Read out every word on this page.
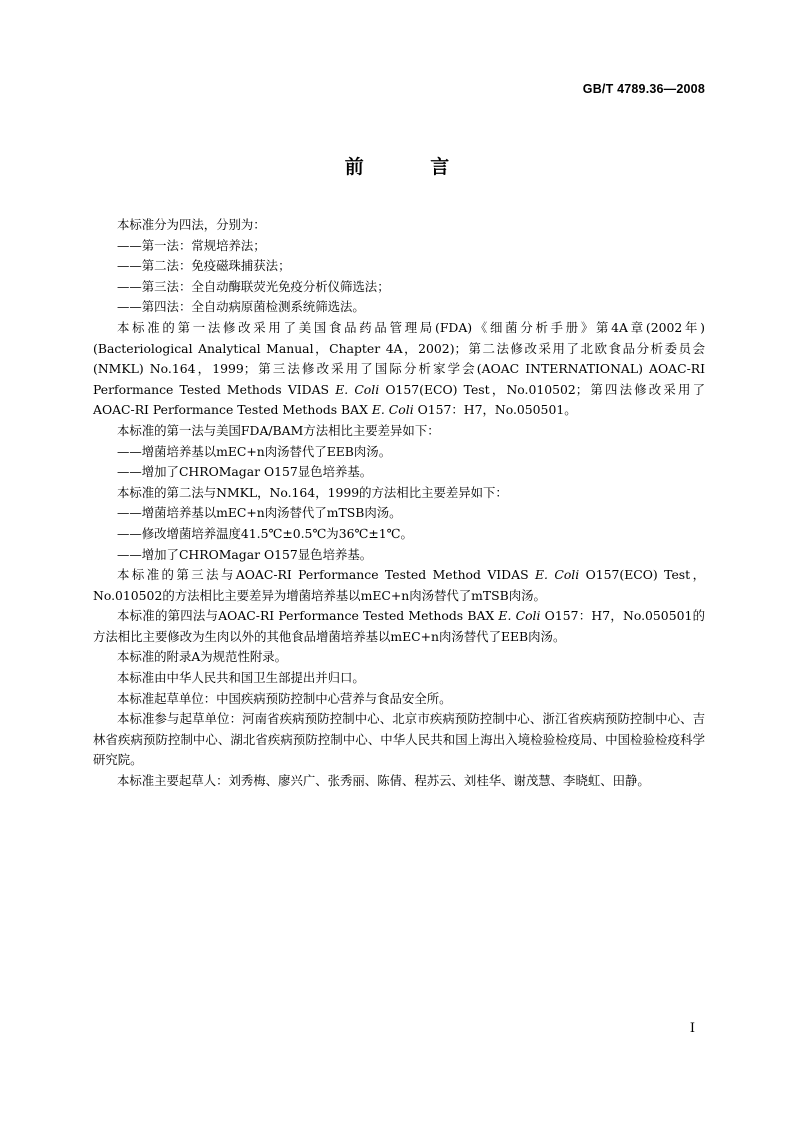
GB/T 4789.36—2008
前 言

本标准分为四法，分别为：

——第一法：常规培养法；

——第二法：免疫磁珠捕获法；

——第三法：全自动酶联荧光免疫分析仪筛选法；

——第四法：全自动病原菌检测系统筛选法。

本标准的第一法修改采用了美国食品药品管理局(FDA)《细菌分析手册》第4A章(2002年)(Bacteriological Analytical Manual，Chapter 4A，2002)；第二法修改采用了北欧食品分析委员会(NMKL) No.164，1999；第三法修改采用了国际分析家学会(AOAC INTERNATIONAL) AOAC-RI Performance Tested Methods VIDAS E. Coli O157(ECO) Test，No.010502；第四法修改采用了AOAC-RI Performance Tested Methods BAX E. Coli O157：H7，No.050501。

本标准的第一法与美国FDA/BAM方法相比主要差异如下：

——增菌培养基以mEC+n肉汤替代了EEB肉汤。

——增加了CHROMagar O157显色培养基。

本标准的第二法与NMKL，No.164，1999的方法相比主要差异如下：

——增菌培养基以mEC+n肉汤替代了mTSB肉汤。

——修改增菌培养温度41.5℃±0.5℃为36℃±1℃。

——增加了CHROMagar O157显色培养基。

本标准的第三法与AOAC-RI Performance Tested Method VIDAS E. Coli O157(ECO) Test，No.010502的方法相比主要差异为增菌培养基以mEC+n肉汤替代了mTSB肉汤。

本标准的第四法与AOAC-RI Performance Tested Methods BAX E. Coli O157：H7，No.050501的方法相比主要修改为生肉以外的其他食品增菌培养基以mEC+n肉汤替代了EEB肉汤。

本标准的附录A为规范性附录。

本标准由中华人民共和国卫生部提出并归口。

本标准起草单位：中国疾病预防控制中心营养与食品安全所。

本标准参与起草单位：河南省疾病预防控制中心、北京市疾病预防控制中心、浙江省疾病预防控制中心、吉林省疾病预防控制中心、湖北省疾病预防控制中心、中华人民共和国上海出入境检验检疫局、中国检验检疫科学研究院。

本标准主要起草人：刘秀梅、廖兴广、张秀丽、陈倩、程苏云、刘桂华、谢茂慧、李晓虹、田静。

I
